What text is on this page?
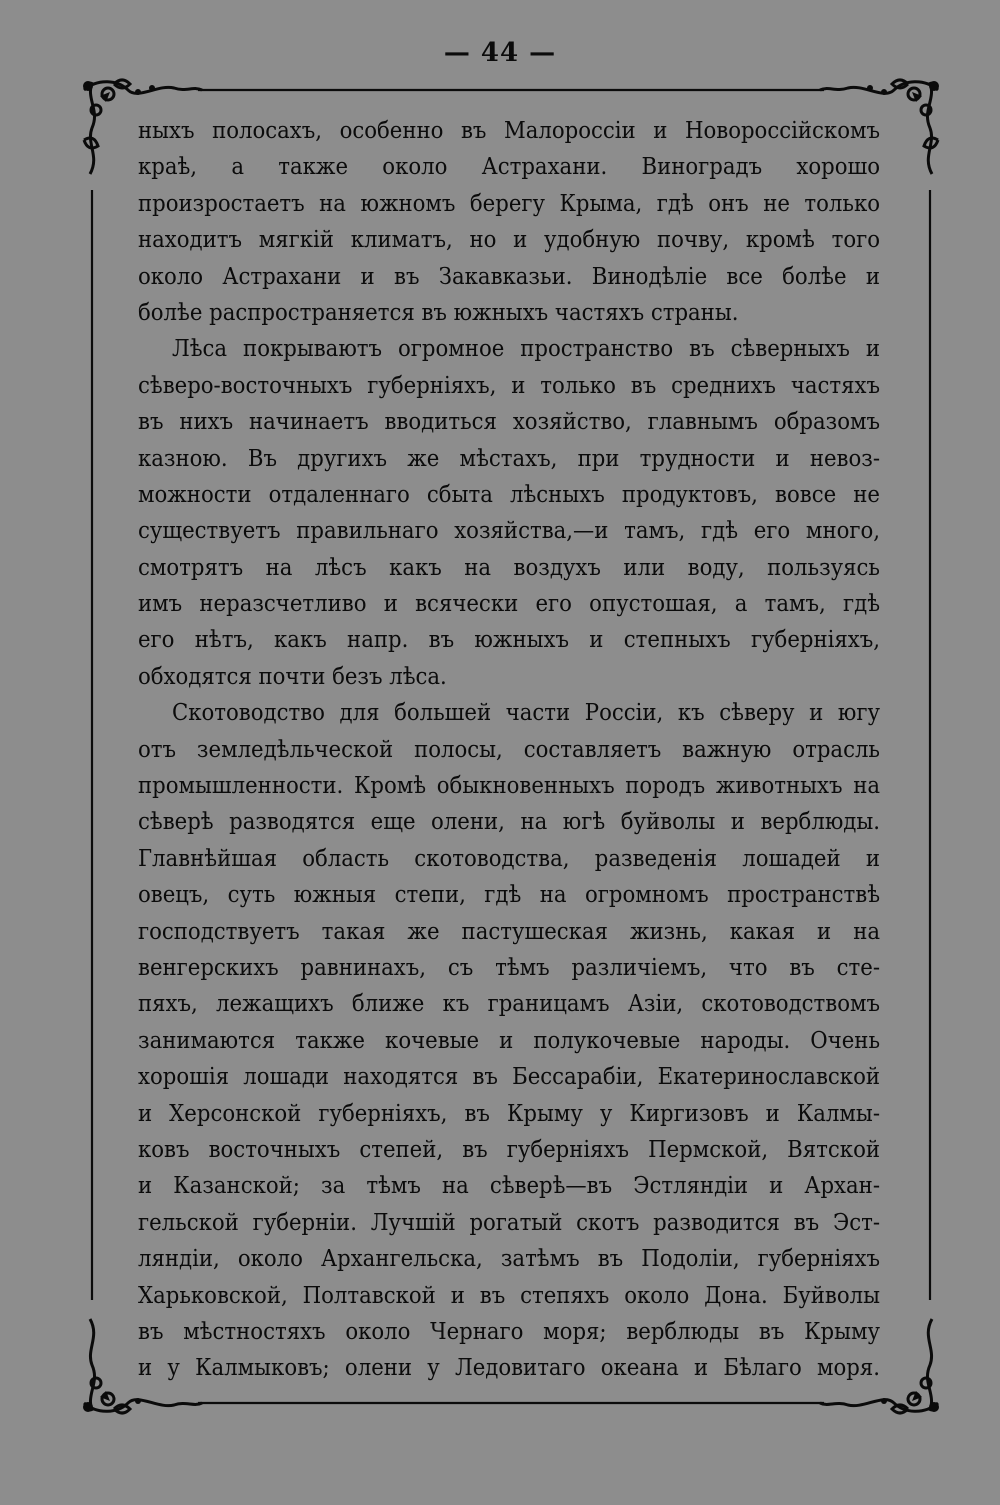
— 44 —
ныхъ полосахъ, особенно въ Малороссіи и Новороссійскомъ
краѣ, а также около Астрахани. Виноградъ хорошо
произростаетъ на южномъ берегу Крыма, гдѣ онъ не только
находитъ мягкій климатъ, но и удобную почву, кромѣ того
около Астрахани и въ Закавказьи. Винодѣліе все болѣе и
болѣе распространяется въ южныхъ частяхъ страны.
Лѣса покрываютъ огромное пространство въ сѣверныхъ и
сѣверо-восточныхъ губерніяхъ, и только въ среднихъ частяхъ
въ нихъ начинаетъ вводиться хозяйство, главнымъ образомъ
казною. Въ другихъ же мѣстахъ, при трудности и невоз-
можности отдаленнаго сбыта лѣсныхъ продуктовъ, вовсе не
существуетъ правильнаго хозяйства,—и тамъ, гдѣ его много,
смотрятъ на лѣсъ какъ на воздухъ или воду, пользуясь
имъ неразсчетливо и всячески его опустошая, а тамъ, гдѣ
его нѣтъ, какъ напр. въ южныхъ и степныхъ губерніяхъ,
обходятся почти безъ лѣса.
Скотоводство для большей части Россіи, къ сѣверу и югу
отъ земледѣльческой полосы, составляетъ важную отрасль
промышленности. Кромѣ обыкновенныхъ породъ животныхъ на
сѣверѣ разводятся еще олени, на югѣ буйволы и верблюды.
Главнѣйшая область скотоводства, разведенія лошадей и
овецъ, суть южныя степи, гдѣ на огромномъ пространствѣ
господствуетъ такая же пастушеская жизнь, какая и на
венгерскихъ равнинахъ, съ тѣмъ различіемъ, что въ сте-
пяхъ, лежащихъ ближе къ границамъ Азіи, скотоводствомъ
занимаются также кочевые и полукочевые народы. Очень
хорошія лошади находятся въ Бессарабіи, Екатеринославской
и Херсонской губерніяхъ, въ Крыму у Киргизовъ и Калмы-
ковъ восточныхъ степей, въ губерніяхъ Пермской, Вятской
и Казанской; за тѣмъ на сѣверѣ—въ Эстляндіи и Архан-
гельской губерніи. Лучшій рогатый скотъ разводится въ Эст-
ляндіи, около Архангельска, затѣмъ въ Подоліи, губерніяхъ
Харьковской, Полтавской и въ степяхъ около Дона. Буйволы
въ мѣстностяхъ около Чернаго моря; верблюды въ Крыму
и у Калмыковъ; олени у Ледовитаго океана и Бѣлаго моря.
